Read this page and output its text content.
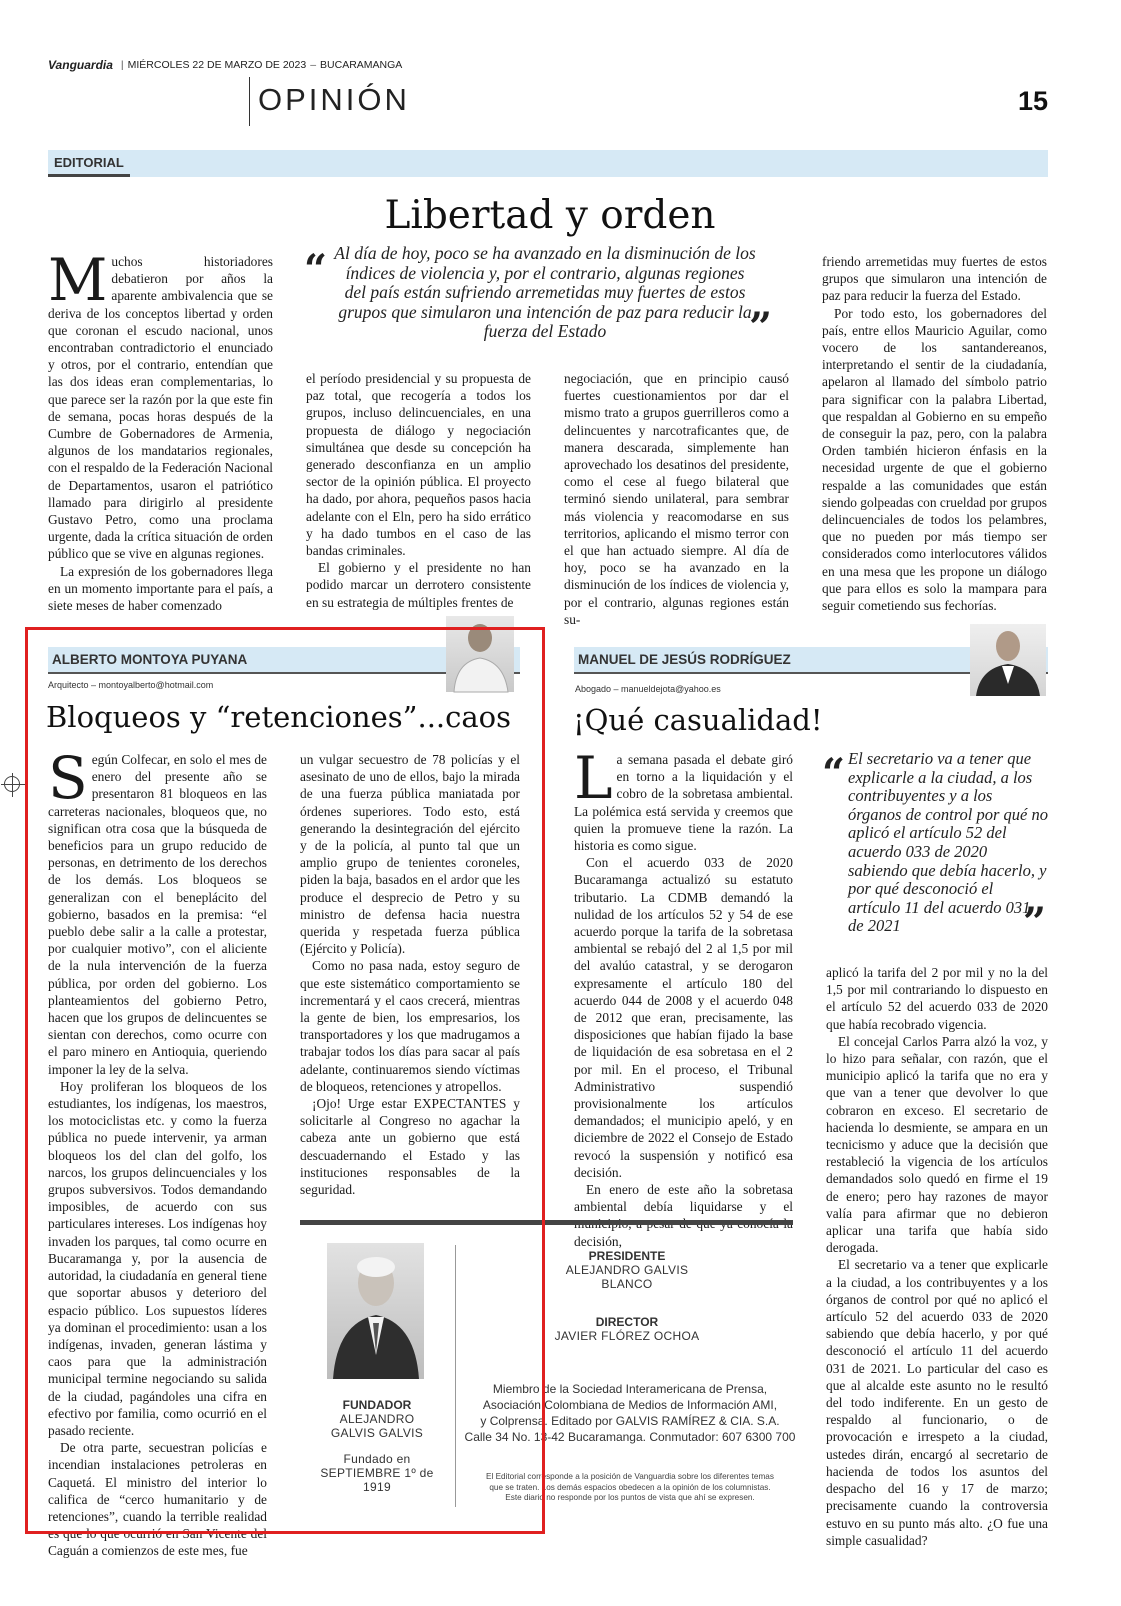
Vanguardia | MIÉRCOLES 22 DE MARZO DE 2023 – BUCARAMANGA
OPINIÓN	15
EDITORIAL
Libertad y orden

Muchos historiadores debatieron por años la aparente ambivalencia que se deriva de los conceptos libertad y orden que coronan el escudo nacional, unos encontraban contradictorio el enunciado y otros, por el contrario, entendían que las dos ideas eran complementarias, lo que parece ser la razón por la que este fin de semana, pocas horas después de la Cumbre de Gobernadores de Armenia, algunos de los mandatarios regionales, con el respaldo de la Federación Nacional de Departamentos, usaron el patriótico llamado para dirigirlo al presidente Gustavo Petro, como una proclama urgente, dada la crítica situación de orden público que se vive en algunas regiones.

La expresión de los gobernadores llega en un momento importante para el país, a siete meses de haber comenzado

“ Al día de hoy, poco se ha avanzado en la disminución de los índices de violencia y, por el contrario, algunas regiones del país están sufriendo arremetidas muy fuertes de estos grupos que simularon una intención de paz para reducir la fuerza del Estado	”

el período presidencial y su propuesta de paz total, que recogería a todos los grupos, incluso delincuenciales, en una propuesta de diálogo y negociación simultánea que desde su concepción ha generado desconfianza en un amplio sector de la opinión pública. El proyecto ha dado, por ahora, pequeños pasos hacia adelante con el Eln, pero ha sido errático y ha dado tumbos en el caso de las bandas criminales.

El gobierno y el presidente no han podido marcar un derrotero consistente en su estrategia de múltiples frentes de

negociación, que en principio causó fuertes cuestionamientos por dar el mismo trato a grupos guerrilleros como a delincuentes y narcotraficantes que, de manera descarada, simplemente han aprovechado los desatinos del presidente, como el cese al fuego bilateral que terminó siendo unilateral, para sembrar más violencia y reacomodarse en sus territorios, aplicando el mismo terror con el que han actuado siempre. Al día de hoy, poco se ha avanzado en la disminución de los índices de violencia y, por el contrario, algunas regiones están su-

friendo arremetidas muy fuertes de estos grupos que simularon una intención de paz para reducir la fuerza del Estado.

Por todo esto, los gobernadores del país, entre ellos Mauricio Aguilar, como vocero de los santandereanos, interpretando el sentir de la ciudadanía, apelaron al llamado del símbolo patrio para significar con la palabra Libertad, que respaldan al Gobierno en su empeño de conseguir la paz, pero, con la palabra Orden también hicieron énfasis en la necesidad urgente de que el gobierno respalde a las comunidades que están siendo golpeadas con crueldad por grupos delincuenciales de todos los pelambres, que no pueden por más tiempo ser considerados como interlocutores válidos en una mesa que les propone un diálogo que para ellos es solo la mampara para seguir cometiendo sus fechorías.

ALBERTO MONTOYA PUYANA
Arquitecto – montoyalberto@hotmail.com
Bloqueos y “retenciones”...caos

Según Colfecar, en solo el mes de enero del presente año se presentaron 81 bloqueos en las carreteras nacionales, bloqueos que, no significan otra cosa que la búsqueda de beneficios para un grupo reducido de personas, en detrimento de los derechos de los demás. Los bloqueos se generalizan con el beneplácito del gobierno, basados en la premisa: “el pueblo debe salir a la calle a protestar, por cualquier motivo”, con el aliciente de la nula intervención de la fuerza pública, por orden del gobierno. Los planteamientos del gobierno Petro, hacen que los grupos de delincuentes se sientan con derechos, como ocurre con el paro minero en Antioquia, queriendo imponer la ley de la selva.

Hoy proliferan los bloqueos de los estudiantes, los indígenas, los maestros, los motociclistas etc. y como la fuerza pública no puede intervenir, ya arman bloqueos los del clan del golfo, los narcos, los grupos delincuenciales y los grupos subversivos. Todos demandando imposibles, de acuerdo con sus particulares intereses. Los indígenas hoy invaden los parques, tal como ocurre en Bucaramanga y, por la ausencia de autoridad, la ciudadanía en general tiene que soportar abusos y deterioro del espacio público. Los supuestos líderes ya dominan el procedimiento: usan a los indígenas, invaden, generan lástima y caos para que la administración municipal termine negociando su salida de la ciudad, pagándoles una cifra en efectivo por familia, como ocurrió en el pasado reciente.

De otra parte, secuestran policías e incendian instalaciones petroleras en Caquetá. El ministro del interior lo califica de “cerco humanitario y de retenciones”, cuando la terrible realidad es que lo que ocurrió en San Vicente del Caguán a comienzos de este mes, fue

un vulgar secuestro de 78 policías y el asesinato de uno de ellos, bajo la mirada de una fuerza pública maniatada por órdenes superiores. Todo esto, está generando la desintegración del ejército y de la policía, al punto tal que un amplio grupo de tenientes coroneles, piden la baja, basados en el ardor que les produce el desprecio de Petro y su ministro de defensa hacia nuestra querida y respetada fuerza pública (Ejército y Policía).

Como no pasa nada, estoy seguro de que este sistemático comportamiento se incrementará y el caos crecerá, mientras la gente de bien, los empresarios, los transportadores y los que madrugamos a trabajar todos los días para sacar al país adelante, continuaremos siendo víctimas de bloqueos, retenciones y atropellos.

¡Ojo! Urge estar EXPECTANTES y solicitarle al Congreso no agachar la cabeza ante un gobierno que está descuadernando el Estado y las instituciones responsables de la seguridad.

MANUEL DE JESÚS RODRÍGUEZ
Abogado – manueldejota@yahoo.es
¡Qué casualidad!

La semana pasada el debate giró en torno a la liquidación y el cobro de la sobretasa ambiental. La polémica está servida y creemos que quien la promueve tiene la razón. La historia es como sigue.

Con el acuerdo 033 de 2020 Bucaramanga actualizó su estatuto tributario. La CDMB demandó la nulidad de los artículos 52 y 54 de ese acuerdo porque la tarifa de la sobretasa ambiental se rebajó del 2 al 1,5 por mil del avalúo catastral, y se derogaron expresamente el artículo 180 del acuerdo 044 de 2008 y el acuerdo 048 de 2012 que eran, precisamente, las disposiciones que habían fijado la base de liquidación de esa sobretasa en el 2 por mil. En el proceso, el Tribunal Administrativo suspendió provisionalmente los artículos demandados; el municipio apeló, y en diciembre de 2022 el Consejo de Estado revocó la suspensión y notificó esa decisión.

En enero de este año la sobretasa ambiental debía liquidarse y el decisión,

“ El secretario va a tener que explicarle a la ciudad, a los contribuyentes y a los órganos de control por qué no aplicó el artículo 52 del acuerdo 033 de 2020 sabiendo que debía hacerlo, y por qué desconoció el artículo 11 del acuerdo 031 de 2021	”

aplicó la tarifa del 2 por mil y no la del 1,5 por mil contrariando lo dispuesto en el artículo 52 del acuerdo 033 de 2020 que había recobrado vigencia.

El concejal Carlos Parra alzó la voz, y lo hizo para señalar, con razón, que el municipio aplicó la tarifa que no era y que van a tener que devolver lo que cobraron en exceso. El secretario de hacienda lo desmiente, se ampara en un tecnicismo y aduce que la decisión que restableció la vigencia de los artículos demandados solo quedó en firme el 19 de enero; pero hay razones de mayor valía para afirmar que no debieron aplicar una tarifa que había sido derogada.

El secretario va a tener que explicarle a la ciudad, a los contribuyentes y a los órganos de control por qué no aplicó el artículo 52 del acuerdo 033 de 2020 sabiendo que debía hacerlo, y por qué desconoció el artículo 11 del acuerdo 031 de 2021. Lo particular del caso es que al alcalde este asunto no le resultó del todo indiferente. En un gesto de respaldo al funcionario, o de provocación e irrespeto a la ciudad, ustedes dirán, encargó al secretario de hacienda de todos los asuntos del despacho del 16 y 17 de marzo; precisamente cuando la controversia estuvo en su punto más alto. ¿O fue una simple casualidad?

FUNDADOR
ALEJANDRO
GALVIS GALVIS
Fundado en
SEPTIEMBRE 1º de 1919
PRESIDENTE
ALEJANDRO GALVIS BLANCO
DIRECTOR
JAVIER FLÓREZ OCHOA
Miembro de la Sociedad Interamericana de Prensa,
Asociación Colombiana de Medios de Información AMI,
y Colprensa. Editado por GALVIS RAMÍREZ & CIA. S.A.
Calle 34 No. 13-42 Bucaramanga. Conmutador: 607 6300 700
El Editorial corresponde a la posición de Vanguardia sobre los diferentes temas
que se traten. Los demás espacios obedecen a la opinión de los columnistas.
Este diario no responde por los puntos de vista que ahí se expresen.
